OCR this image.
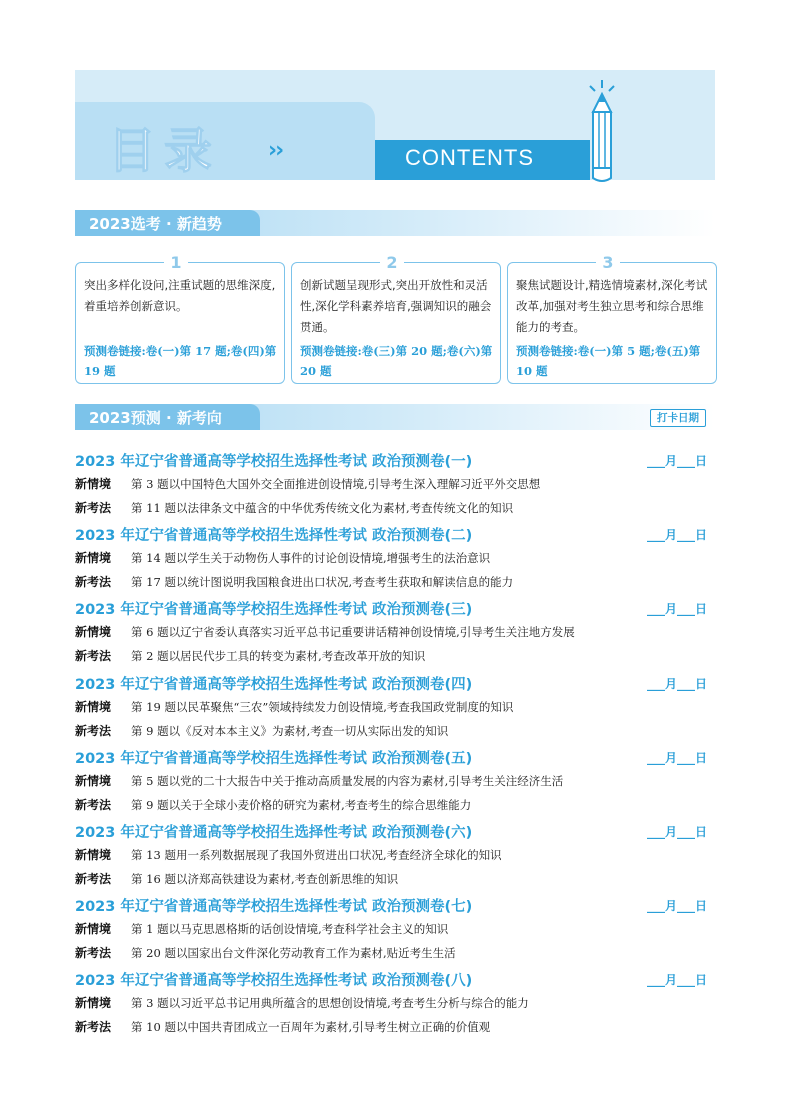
目录 ››	CONTENTS
2023选考 · 新趋势
1
突出多样化设问,注重试题的思维深度,着重培养创新意识。
预测卷链接:卷(一)第 17 题;卷(四)第 19 题
2
创新试题呈现形式,突出开放性和灵活性,深化学科素养培育,强调知识的融会贯通。
预测卷链接:卷(三)第 20 题;卷(六)第 20 题
3
聚焦试题设计,精选情境素材,深化考试改革,加强对考生独立思考和综合思维能力的考查。
预测卷链接:卷(一)第 5 题;卷(五)第 10 题
2023预测 · 新考向	打卡日期
2023 年辽宁省普通高等学校招生选择性考试 政治预测卷(一)	___月___日
新情境 第 3 题以中国特色大国外交全面推进创设情境,引导考生深入理解习近平外交思想
新考法 第 11 题以法律条文中蕴含的中华优秀传统文化为素材,考查传统文化的知识
2023 年辽宁省普通高等学校招生选择性考试 政治预测卷(二)	___月___日
新情境 第 14 题以学生关于动物伤人事件的讨论创设情境,增强考生的法治意识
新考法 第 17 题以统计图说明我国粮食进出口状况,考查考生获取和解读信息的能力
2023 年辽宁省普通高等学校招生选择性考试 政治预测卷(三)	___月___日
新情境 第 6 题以辽宁省委认真落实习近平总书记重要讲话精神创设情境,引导考生关注地方发展
新考法 第 2 题以居民代步工具的转变为素材,考查改革开放的知识
2023 年辽宁省普通高等学校招生选择性考试 政治预测卷(四)	___月___日
新情境 第 19 题以民革聚焦“三农”领域持续发力创设情境,考查我国政党制度的知识
新考法 第 9 题以《反对本本主义》为素材,考查一切从实际出发的知识
2023 年辽宁省普通高等学校招生选择性考试 政治预测卷(五)	___月___日
新情境 第 5 题以党的二十大报告中关于推动高质量发展的内容为素材,引导考生关注经济生活
新考法 第 9 题以关于全球小麦价格的研究为素材,考查考生的综合思维能力
2023 年辽宁省普通高等学校招生选择性考试 政治预测卷(六)	___月___日
新情境 第 13 题用一系列数据展现了我国外贸进出口状况,考查经济全球化的知识
新考法 第 16 题以济郑高铁建设为素材,考查创新思维的知识
2023 年辽宁省普通高等学校招生选择性考试 政治预测卷(七)	___月___日
新情境 第 1 题以马克思恩格斯的话创设情境,考查科学社会主义的知识
新考法 第 20 题以国家出台文件深化劳动教育工作为素材,贴近考生生活
2023 年辽宁省普通高等学校招生选择性考试 政治预测卷(八)	___月___日
新情境 第 3 题以习近平总书记用典所蕴含的思想创设情境,考查考生分析与综合的能力
新考法 第 10 题以中国共青团成立一百周年为素材,引导考生树立正确的价值观
